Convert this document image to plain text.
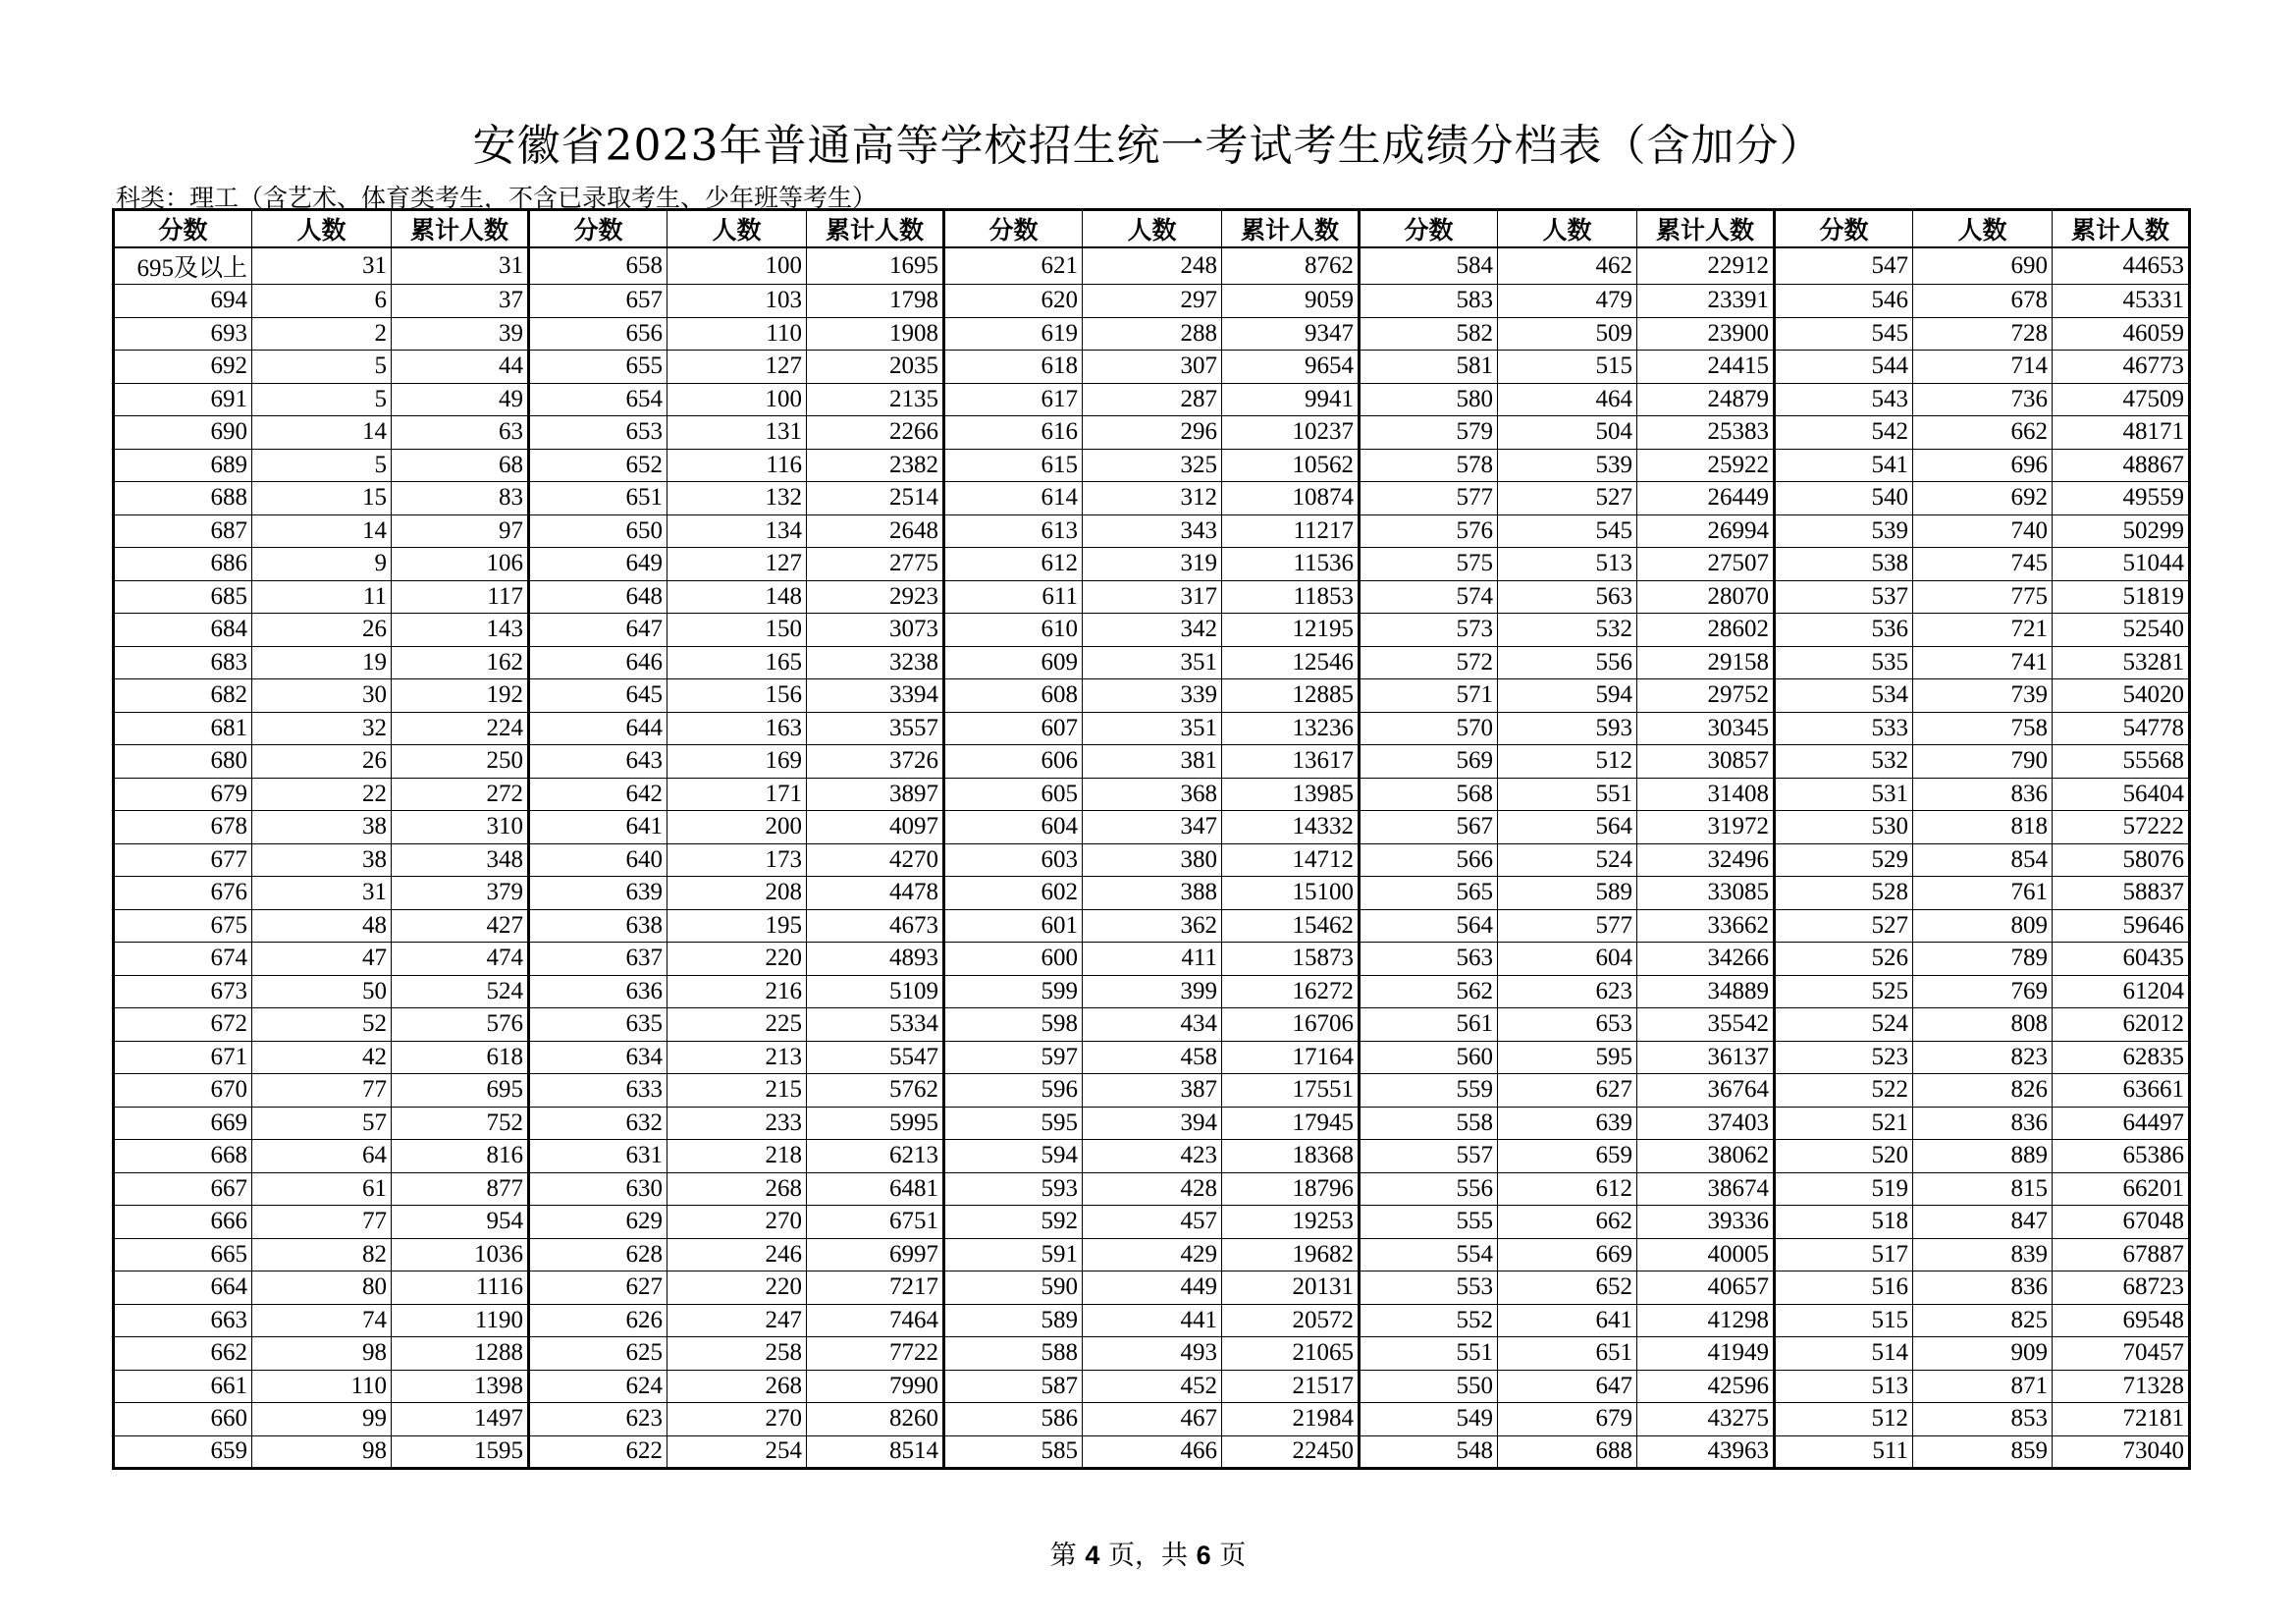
安徽省2023年普通高等学校招生统一考试考生成绩分档表（含加分）
科类：理工（含艺术、体育类考生，不含已录取考生、少年班等考生）
分数	人数	累计人数	分数	人数	累计人数	分数	人数	累计人数	分数	人数	累计人数	分数	人数	累计人数
695及以上	31	31	658	100	1695	621	248	8762	584	462	22912	547	690	44653
694	6	37	657	103	1798	620	297	9059	583	479	23391	546	678	45331
693	2	39	656	110	1908	619	288	9347	582	509	23900	545	728	46059
692	5	44	655	127	2035	618	307	9654	581	515	24415	544	714	46773
691	5	49	654	100	2135	617	287	9941	580	464	24879	543	736	47509
690	14	63	653	131	2266	616	296	10237	579	504	25383	542	662	48171
689	5	68	652	116	2382	615	325	10562	578	539	25922	541	696	48867
688	15	83	651	132	2514	614	312	10874	577	527	26449	540	692	49559
687	14	97	650	134	2648	613	343	11217	576	545	26994	539	740	50299
686	9	106	649	127	2775	612	319	11536	575	513	27507	538	745	51044
685	11	117	648	148	2923	611	317	11853	574	563	28070	537	775	51819
684	26	143	647	150	3073	610	342	12195	573	532	28602	536	721	52540
683	19	162	646	165	3238	609	351	12546	572	556	29158	535	741	53281
682	30	192	645	156	3394	608	339	12885	571	594	29752	534	739	54020
681	32	224	644	163	3557	607	351	13236	570	593	30345	533	758	54778
680	26	250	643	169	3726	606	381	13617	569	512	30857	532	790	55568
679	22	272	642	171	3897	605	368	13985	568	551	31408	531	836	56404
678	38	310	641	200	4097	604	347	14332	567	564	31972	530	818	57222
677	38	348	640	173	4270	603	380	14712	566	524	32496	529	854	58076
676	31	379	639	208	4478	602	388	15100	565	589	33085	528	761	58837
675	48	427	638	195	4673	601	362	15462	564	577	33662	527	809	59646
674	47	474	637	220	4893	600	411	15873	563	604	34266	526	789	60435
673	50	524	636	216	5109	599	399	16272	562	623	34889	525	769	61204
672	52	576	635	225	5334	598	434	16706	561	653	35542	524	808	62012
671	42	618	634	213	5547	597	458	17164	560	595	36137	523	823	62835
670	77	695	633	215	5762	596	387	17551	559	627	36764	522	826	63661
669	57	752	632	233	5995	595	394	17945	558	639	37403	521	836	64497
668	64	816	631	218	6213	594	423	18368	557	659	38062	520	889	65386
667	61	877	630	268	6481	593	428	18796	556	612	38674	519	815	66201
666	77	954	629	270	6751	592	457	19253	555	662	39336	518	847	67048
665	82	1036	628	246	6997	591	429	19682	554	669	40005	517	839	67887
664	80	1116	627	220	7217	590	449	20131	553	652	40657	516	836	68723
663	74	1190	626	247	7464	589	441	20572	552	641	41298	515	825	69548
662	98	1288	625	258	7722	588	493	21065	551	651	41949	514	909	70457
661	110	1398	624	268	7990	587	452	21517	550	647	42596	513	871	71328
660	99	1497	623	270	8260	586	467	21984	549	679	43275	512	853	72181
659	98	1595	622	254	8514	585	466	22450	548	688	43963	511	859	73040
第 4 页，共 6 页
